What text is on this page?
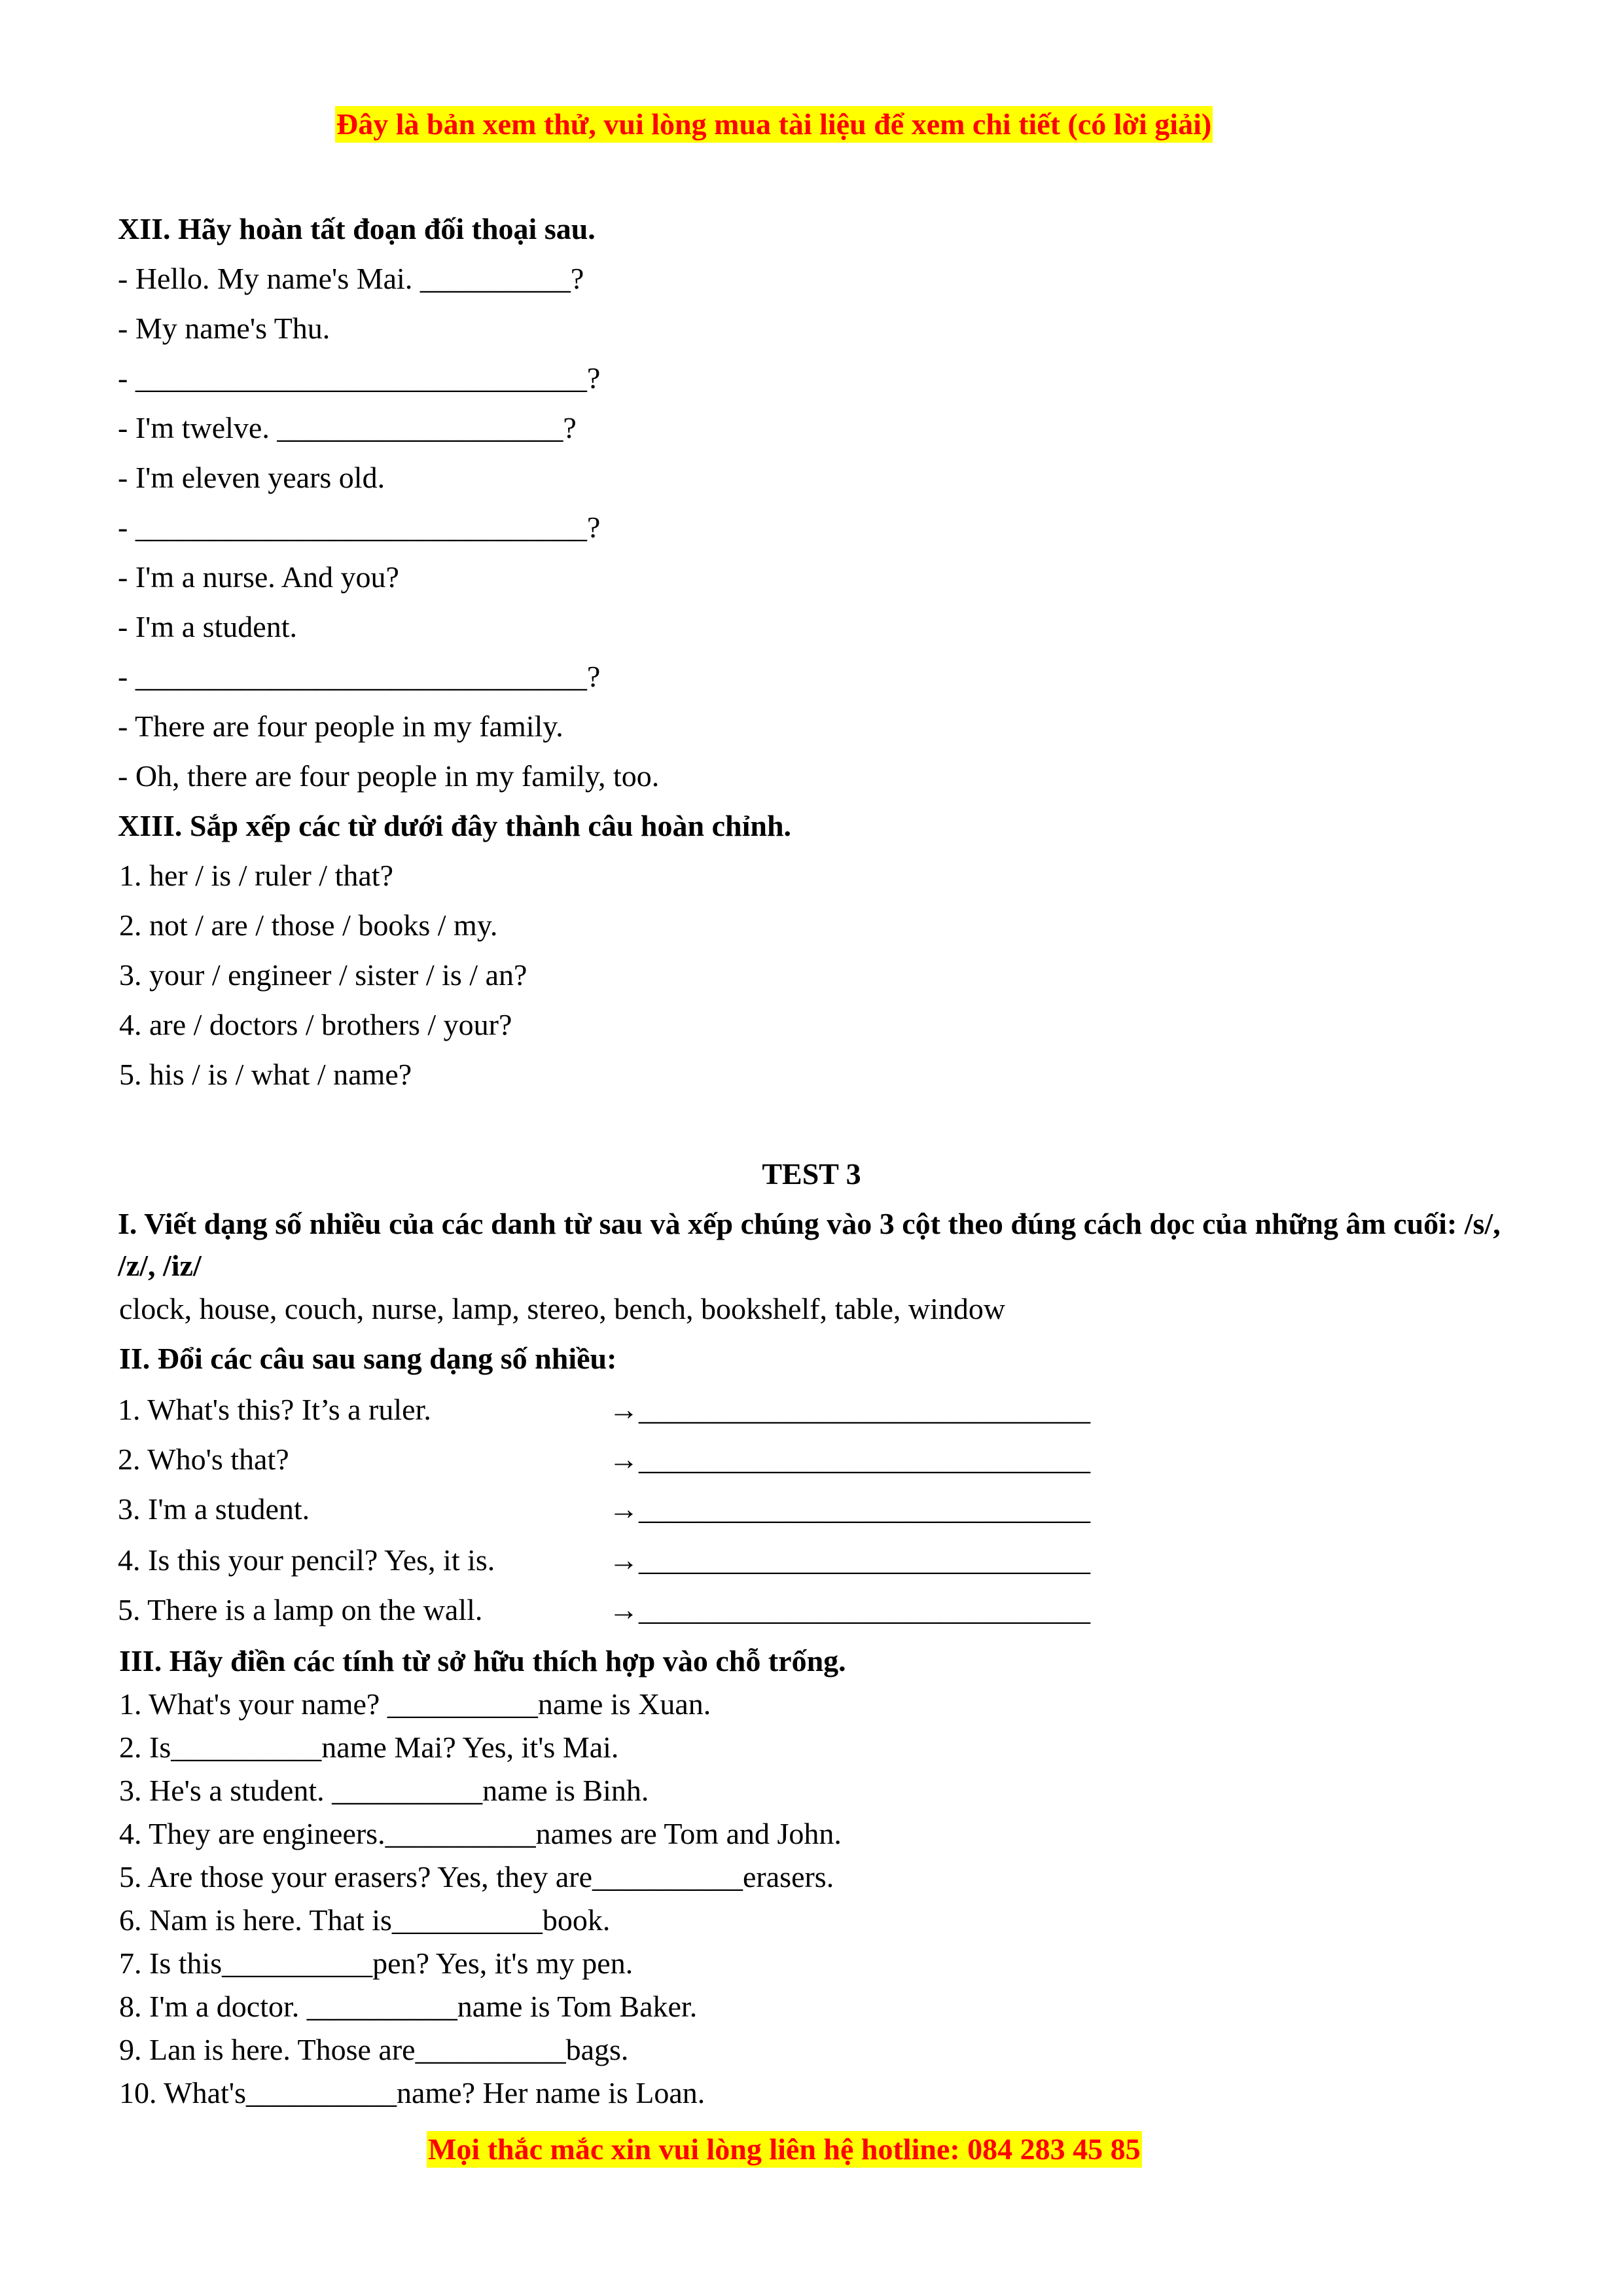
Đây là bản xem thử, vui lòng mua tài liệu để xem chi tiết (có lời giải)
XII. Hãy hoàn tất đoạn đối thoại sau.
- Hello. My name's Mai. __________?
- My name's Thu.
- ______________________________?
- I'm twelve. ___________________?
- I'm eleven years old.
- ______________________________?
- I'm a nurse. And you?
- I'm a student.
- ______________________________?
- There are four people in my family.
- Oh, there are four people in my family, too.
XIII. Sắp xếp các từ dưới đây thành câu hoàn chỉnh.
1. her / is / ruler / that?
2. not / are / those / books / my.
3. your / engineer / sister / is / an?
4. are / doctors / brothers / your?
5. his / is / what / name?
TEST 3
I. Viết dạng số nhiều của các danh từ sau và xếp chúng vào 3 cột theo đúng cách dọc của những âm cuối: /s/, /z/, /iz/
clock, house, couch, nurse, lamp, stereo, bench, bookshelf, table, window
II. Đổi các câu sau sang dạng số nhiều:
1. What's this? It’s a ruler.	→______________________________
2. Who's that?	→______________________________
3. I'm a student.	→______________________________
4. Is this your pencil? Yes, it is.	→______________________________
5. There is a lamp on the wall.	→______________________________
III. Hãy điền các tính từ sở hữu thích hợp vào chỗ trống.
1. What's your name? __________name is Xuan.
2. Is__________name Mai? Yes, it's Mai.
3. He's a student. __________name is Binh.
4. They are engineers.__________names are Tom and John.
5. Are those your erasers? Yes, they are__________erasers.
6. Nam is here. That is__________book.
7. Is this__________pen? Yes, it's my pen.
8. I'm a doctor. __________name is Tom Baker.
9. Lan is here. Those are__________bags.
10. What's__________name? Her name is Loan.
Mọi thắc mắc xin vui lòng liên hệ hotline: 084 283 45 85
